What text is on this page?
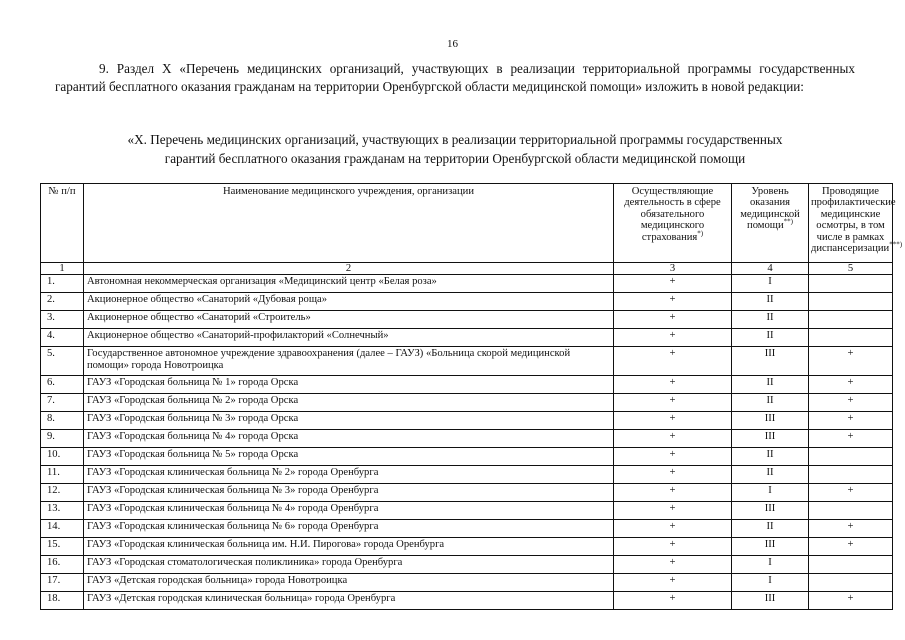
16
9. Раздел X «Перечень медицинских организаций, участвующих в реализации территориальной программы государственных гарантий бесплатного оказания гражданам на территории Оренбургской области медицинской помощи» изложить в новой редакции:
«X. Перечень медицинских организаций, участвующих в реализации территориальной программы государственных
гарантий бесплатного оказания гражданам на территории Оренбургской области медицинской помощи
№ п/п	Наименование медицинского учреждения, организации	Осуществляющие деятельность в сфере обязательного медицинского страхования*)	Уровень оказания медицинской помощи**)	Проводящие профилактические медицинские осмотры, в том числе в рамках диспансеризации***)
1	2	3	4	5
1.	Автономная некоммерческая организация «Медицинский центр «Белая роза»	+	I	
2.	Акционерное общество «Санаторий «Дубовая роща»	+	II	
3.	Акционерное общество «Санаторий «Строитель»	+	II	
4.	Акционерное общество «Санаторий-профилакторий «Солнечный»	+	II	
5.	Государственное автономное учреждение здравоохранения (далее – ГАУЗ) «Больница скорой медицинской помощи» города Новотроицка	+	III	+
6.	ГАУЗ «Городская больница № 1» города Орска	+	II	+
7.	ГАУЗ «Городская больница № 2» города Орска	+	II	+
8.	ГАУЗ «Городская больница № 3» города Орска	+	III	+
9.	ГАУЗ «Городская больница № 4» города Орска	+	III	+
10.	ГАУЗ «Городская больница № 5» города Орска	+	II	
11.	ГАУЗ «Городская клиническая больница № 2» города Оренбурга	+	II	
12.	ГАУЗ «Городская клиническая больница № 3» города Оренбурга	+	I	+
13.	ГАУЗ «Городская клиническая больница № 4» города Оренбурга	+	III	
14.	ГАУЗ «Городская клиническая больница № 6» города Оренбурга	+	II	+
15.	ГАУЗ «Городская клиническая больница им. Н.И. Пирогова» города Оренбурга	+	III	+
16.	ГАУЗ «Городская стоматологическая поликлиника» города Оренбурга	+	I	
17.	ГАУЗ «Детская городская больница» города Новотроицка	+	I	
18.	ГАУЗ «Детская городская клиническая больница» города Оренбурга	+	III	+
